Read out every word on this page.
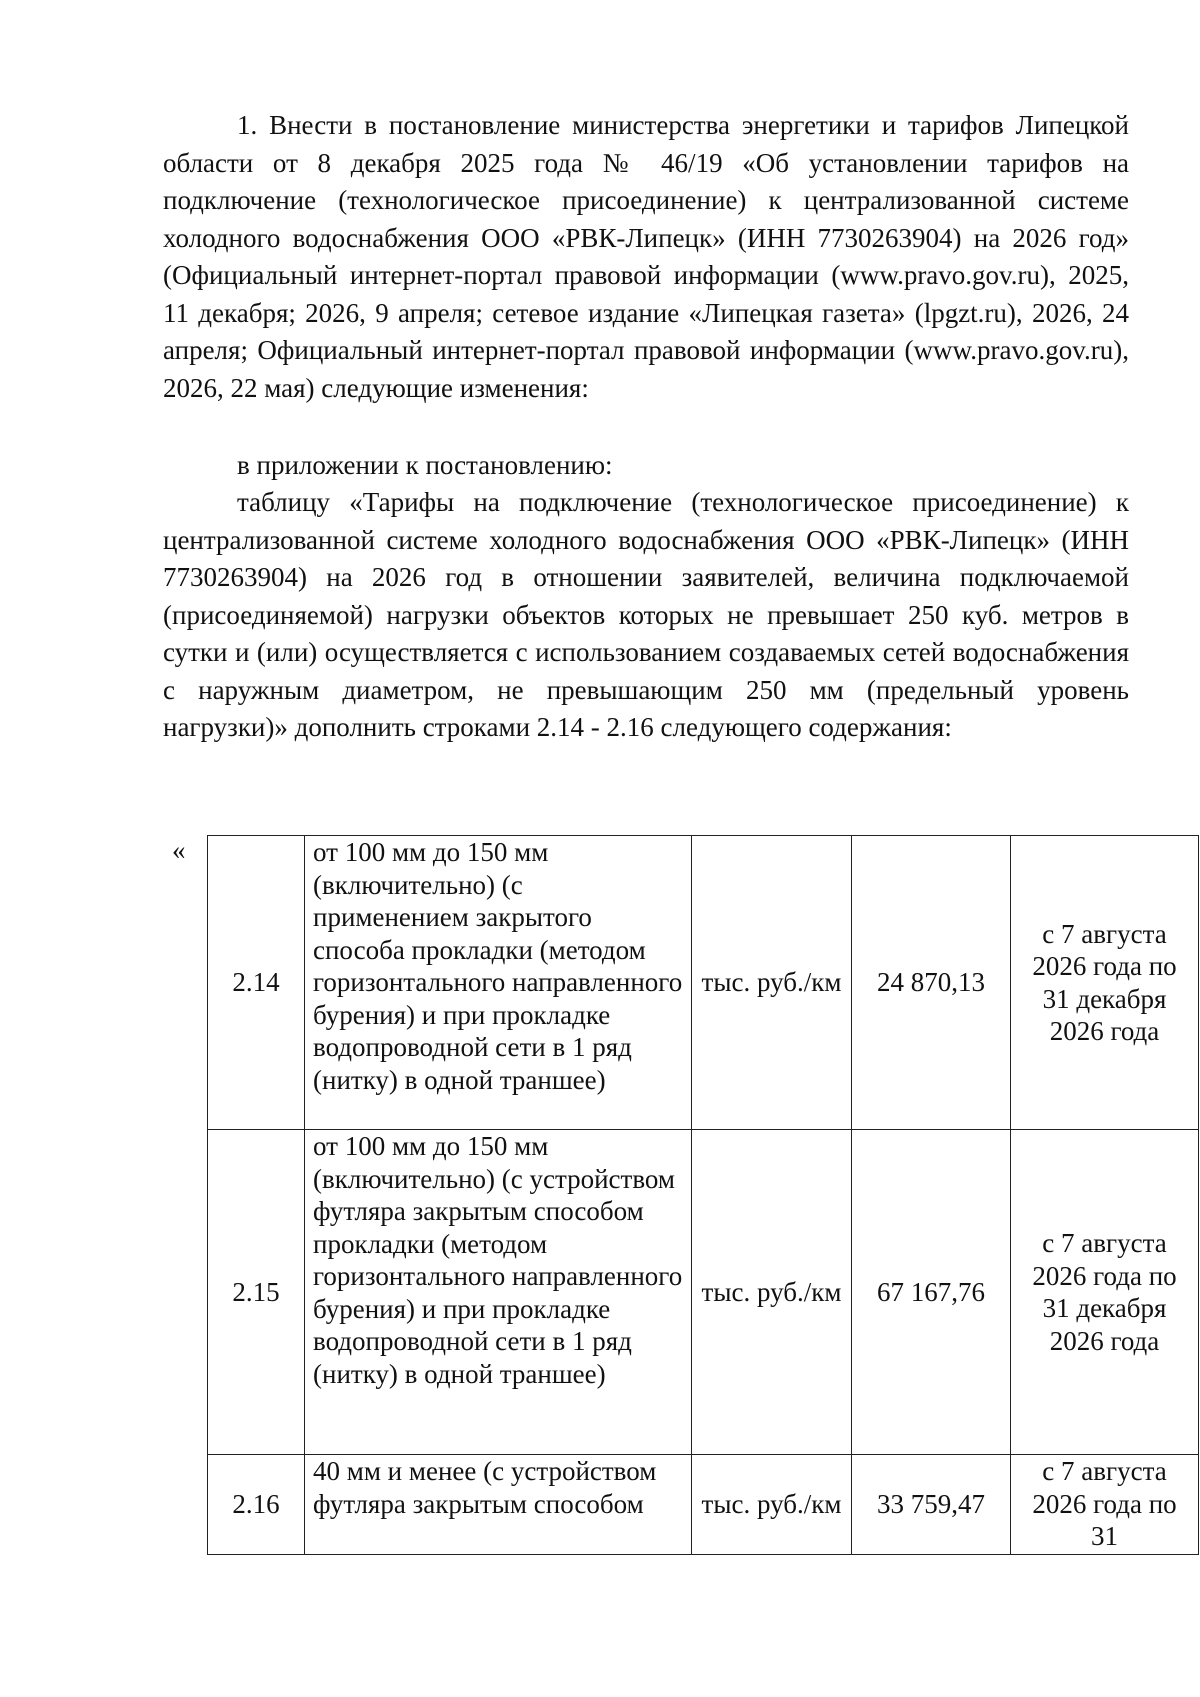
1. Внести в постановление министерства энергетики и тарифов Липецкой области от 8 декабря 2025 года № 46/19 «Об установлении тарифов на подключение (технологическое присоединение) к централизованной системе холодного водоснабжения ООО «РВК-Липецк» (ИНН 7730263904) на 2026 год» (Официальный интернет-портал правовой информации (www.pravo.gov.ru), 2025, 11 декабря; 2026, 9 апреля; сетевое издание «Липецкая газета» (lpgzt.ru), 2026, 24 апреля; Официальный интернет-портал правовой информации (www.pravo.gov.ru), 2026, 22 мая) следующие изменения:

в приложении к постановлению:

таблицу «Тарифы на подключение (технологическое присоединение) к централизованной системе холодного водоснабжения ООО «РВК-Липецк» (ИНН 7730263904) на 2026 год в отношении заявителей, величина подключаемой (присоединяемой) нагрузки объектов которых не превышает 250 куб. метров в сутки и (или) осуществляется с использованием создаваемых сетей водоснабжения с наружным диаметром, не превышающим 250 мм (предельный уровень нагрузки)» дополнить строками 2.14 - 2.16 следующего содержания:

«
2.14	от 100 мм до 150 мм (включительно) (с применением закрытого способа прокладки (методом горизонтального направленного бурения) и при прокладке водопроводной сети в 1 ряд (нитку) в одной траншее)	тыс. руб./км	24 870,13	с 7 августа 2026 года по 31 декабря 2026 года
2.15	от 100 мм до 150 мм (включительно) (с устройством футляра закрытым способом прокладки (методом горизонтального направленного бурения) и при прокладке водопроводной сети в 1 ряд (нитку) в одной траншее)	тыс. руб./км	67 167,76	с 7 августа 2026 года по 31 декабря 2026 года
2.16	40 мм и менее (с устройством футляра закрытым способом	тыс. руб./км	33 759,47	с 7 августа 2026 года по 31
